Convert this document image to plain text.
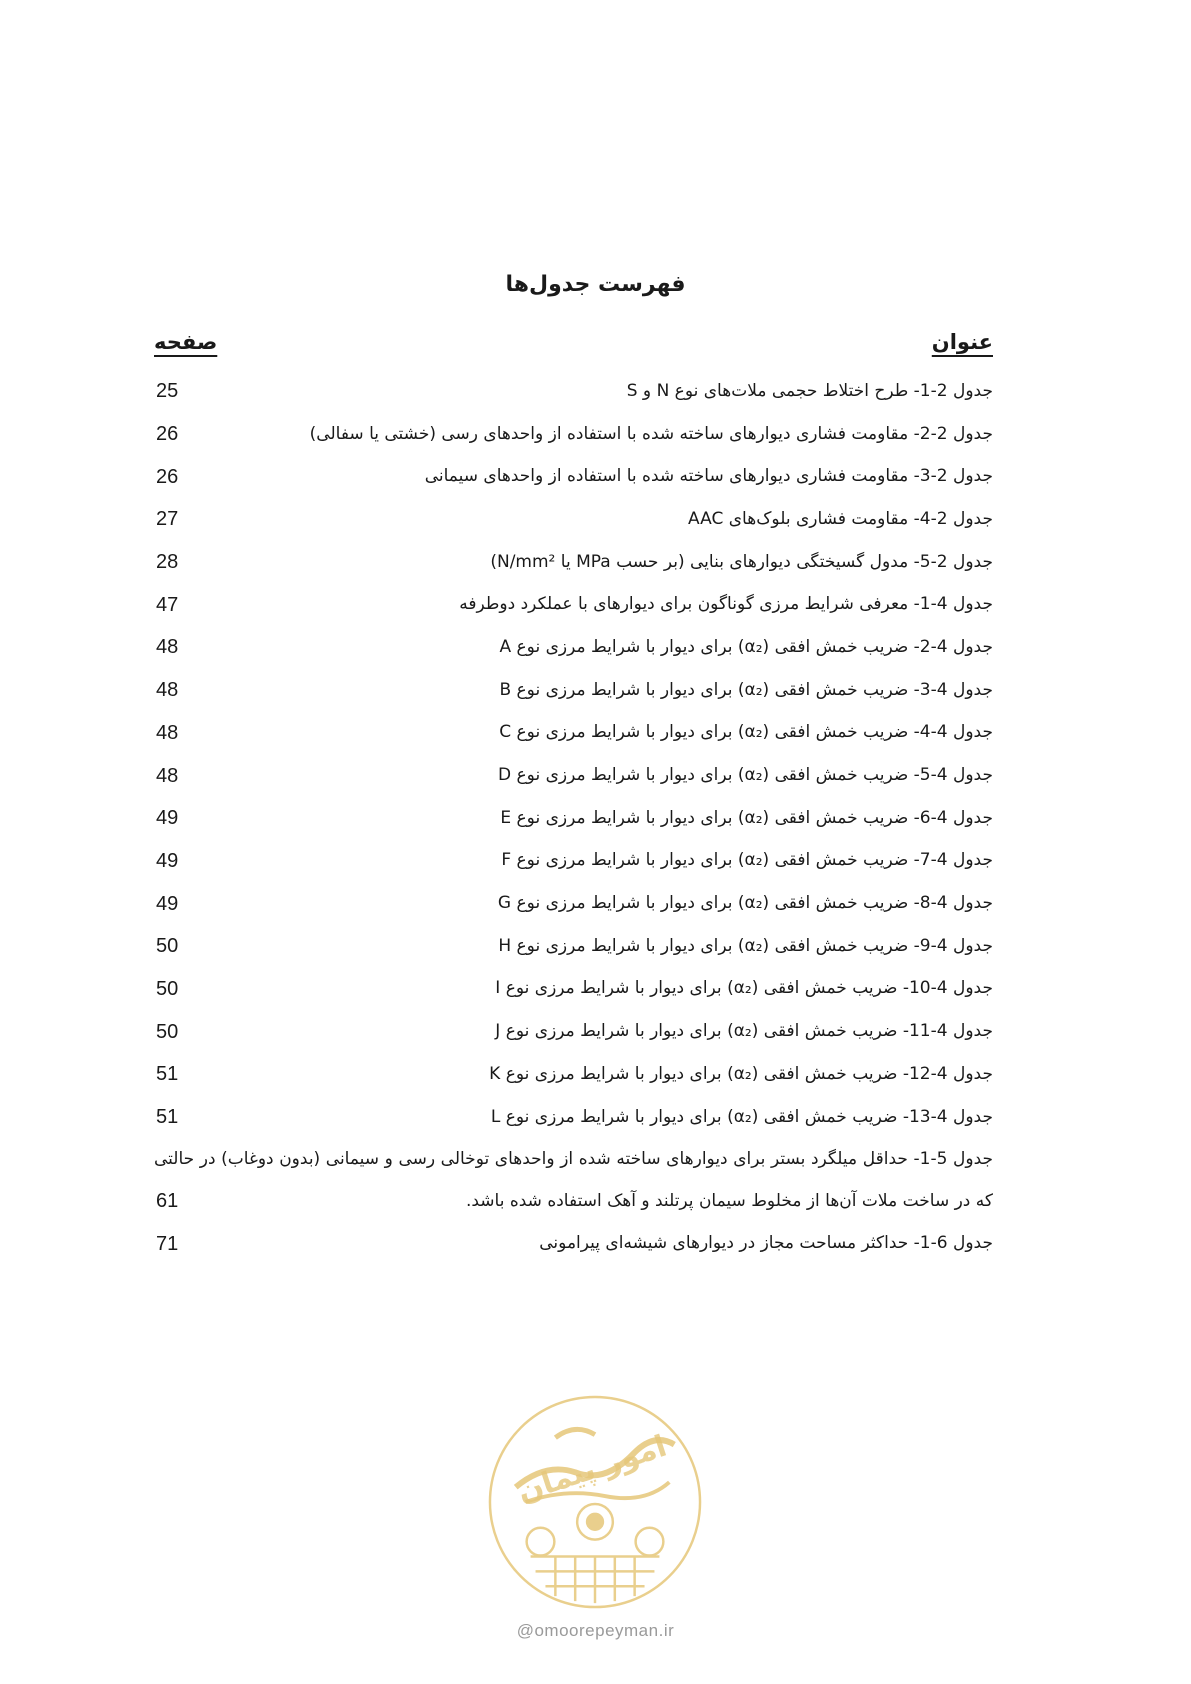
فهرست جدول‌ها
عنوان
صفحه
جدول 2-1- طرح اختلاط حجمی ملات‌های نوع N و S
25
جدول 2-2- مقاومت فشاری دیوارهای ساخته شده با استفاده از واحدهای رسی (خشتی یا سفالی)
26
جدول 2-3- مقاومت فشاری دیوارهای ساخته شده با استفاده از واحدهای سیمانی
26
جدول 2-4- مقاومت فشاری بلوک‌های AAC
27
جدول 2-5- مدول گسیختگی دیوارهای بنایی (بر حسب MPa یا N/mm²)
28
جدول 4-1- معرفی شرایط مرزی گوناگون برای دیوارهای با عملکرد دوطرفه
47
جدول 4-2- ضریب خمش افقی (α₂) برای دیوار با شرایط مرزی نوع A
48
جدول 4-3- ضریب خمش افقی (α₂) برای دیوار با شرایط مرزی نوع B
48
جدول 4-4- ضریب خمش افقی (α₂) برای دیوار با شرایط مرزی نوع C
48
جدول 4-5- ضریب خمش افقی (α₂) برای دیوار با شرایط مرزی نوع D
48
جدول 4-6- ضریب خمش افقی (α₂) برای دیوار با شرایط مرزی نوع E
49
جدول 4-7- ضریب خمش افقی (α₂) برای دیوار با شرایط مرزی نوع F
49
جدول 4-8- ضریب خمش افقی (α₂) برای دیوار با شرایط مرزی نوع G
49
جدول 4-9- ضریب خمش افقی (α₂) برای دیوار با شرایط مرزی نوع H
50
جدول 4-10- ضریب خمش افقی (α₂) برای دیوار با شرایط مرزی نوع I
50
جدول 4-11- ضریب خمش افقی (α₂) برای دیوار با شرایط مرزی نوع J
50
جدول 4-12- ضریب خمش افقی (α₂) برای دیوار با شرایط مرزی نوع K
51
جدول 4-13- ضریب خمش افقی (α₂) برای دیوار با شرایط مرزی نوع L
51
جدول 5-1- حداقل میلگرد بستر برای دیوارهای ساخته شده از واحدهای توخالی رسی و سیمانی (بدون دوغاب) در حالتی که در ساخت ملات آن‌ها از مخلوط سیمان پرتلند و آهک استفاده شده باشد.
61
جدول 6-1- حداکثر مساحت مجاز در دیوارهای شیشه‌ای پیرامونی
71
امور پیمان
@omoorepeyman.ir
